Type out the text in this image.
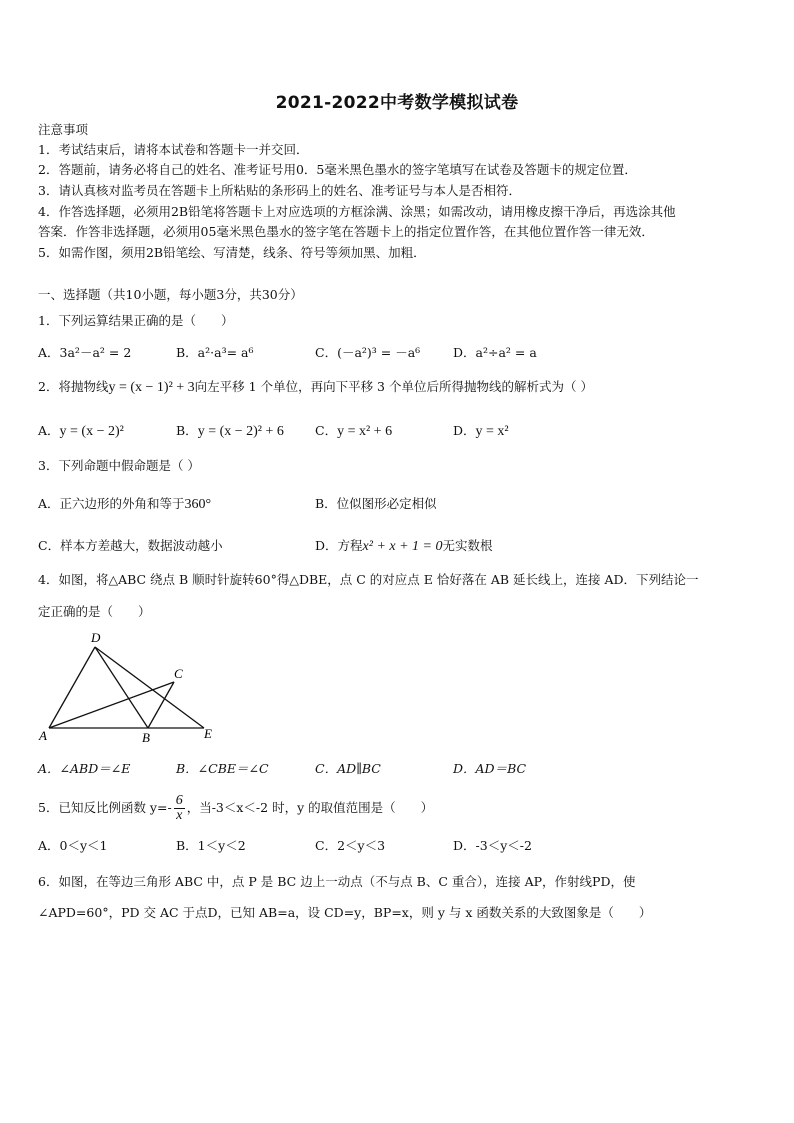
2021-2022中考数学模拟试卷
注意事项
1．考试结束后，请将本试卷和答题卡一并交回．
2．答题前，请务必将自己的姓名、准考证号用0．5毫米黑色墨水的签字笔填写在试卷及答题卡的规定位置．
3．请认真核对监考员在答题卡上所粘贴的条形码上的姓名、准考证号与本人是否相符．
4．作答选择题，必须用2B铅笔将答题卡上对应选项的方框涂满、涂黑；如需改动，请用橡皮擦干净后，再选涂其他
答案．作答非选择题，必须用05毫米黑色墨水的签字笔在答题卡上的指定位置作答，在其他位置作答一律无效．
5．如需作图，须用2B铅笔绘、写清楚，线条、符号等须加黑、加粗．
一、选择题（共10小题，每小题3分，共30分）
1．下列运算结果正确的是（　　）
A．3a²－a² = 2	B．a²·a³= a⁶	C．(－a²)³ = －a⁶	D．a²÷a² = a
2．将抛物线y = (x − 1)² + 3向左平移 1 个单位，再向下平移 3 个单位后所得抛物线的解析式为（ ）
A．y = (x − 2)²	B．y = (x − 2)² + 6 C．y = x² + 6	D．y = x²
3．下列命题中假命题是（ ）
A．正六边形的外角和等于360°	B．位似图形必定相似
C．样本方差越大，数据波动越小	D．方程x² + x + 1 = 0无实数根
4．如图，将△ABC 绕点 B 顺时针旋转60°得△DBE，点 C 的对应点 E 恰好落在 AB 延长线上，连接 AD．下列结论一
定正确的是（　　）
D
C
A	B	E
A．∠ABD＝∠E	B．∠CBE＝∠C	C．AD∥BC	D．AD＝BC
5．已知反比例函数 $y=- \frac{6}{x}$ ，当-3＜x＜-2 时，y 的取值范围是（　　）
A．0＜y＜1	B．1＜y＜2	C．2＜y＜3	D．-3＜y＜-2
6．如图，在等边三角形 ABC 中，点 P 是 BC 边上一动点（不与点 B、C 重合），连接 AP，作射线PD，使
∠APD=60°，PD 交 AC 于点D，已知 AB=a，设 CD=y，BP=x，则 y 与 x 函数关系的大致图象是（　　）
